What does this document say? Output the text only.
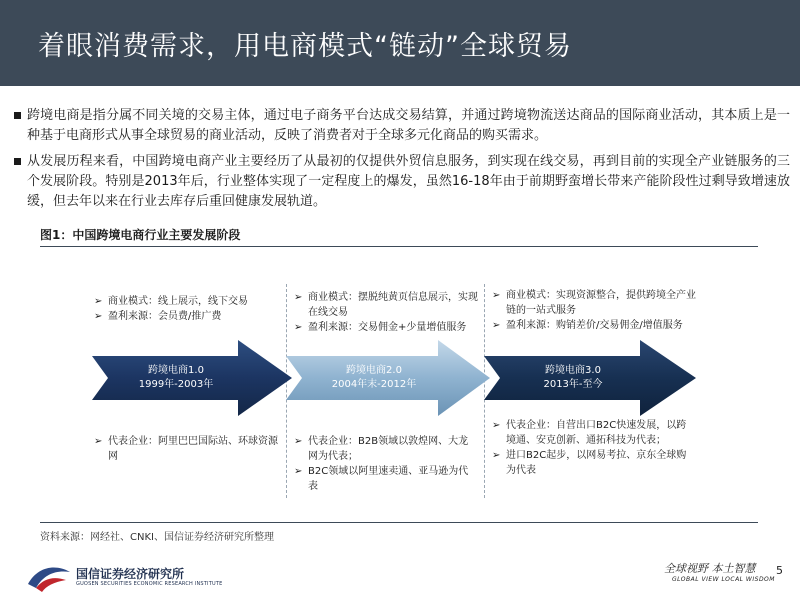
着眼消费需求，用电商模式“链动”全球贸易
跨境电商是指分属不同关境的交易主体，通过电子商务平台达成交易结算，并通过跨境物流送达商品的国际商业活动，其本质上是一种基于电商形式从事全球贸易的商业活动，反映了消费者对于全球多元化商品的购买需求。
从发展历程来看，中国跨境电商产业主要经历了从最初的仅提供外贸信息服务，到实现在线交易，再到目前的实现全产业链服务的三个发展阶段。特别是2013年后，行业整体实现了一定程度上的爆发，虽然16-18年由于前期野蛮增长带来产能阶段性过剩导致增速放缓，但去年以来在行业去库存后重回健康发展轨道。
图1：中国跨境电商行业主要发展阶段
➢ 商业模式：线上展示，线下交易
➢ 盈利来源：会员费/推广费
➢ 商业模式：摆脱纯黄页信息展示，实现在线交易
➢ 盈利来源：交易佣金+少量增值服务
➢ 商业模式：实现资源整合，提供跨境全产业链的一站式服务
➢ 盈利来源：购销差价/交易佣金/增值服务
跨境电商1.0
1999年-2003年
跨境电商2.0
2004年末-2012年
跨境电商3.0
2013年-至今
➢ 代表企业：阿里巴巴国际站、环球资源网
➢ 代表企业：B2B领域以敦煌网、大龙网为代表；
➢ B2C领域以阿里速卖通、亚马逊为代表
➢ 代表企业：自营出口B2C快速发展，以跨境通、安克创新、通拓科技为代表；
➢ 进口B2C起步，以网易考拉、京东全球购为代表
资料来源：网经社、CNKI、国信证券经济研究所整理
国信证券经济研究所
GUOSEN SECURITIES ECONOMIC RESEARCH INSTITUTE
全球视野 本土智慧
GLOBAL VIEW LOCAL WISDOM
5
